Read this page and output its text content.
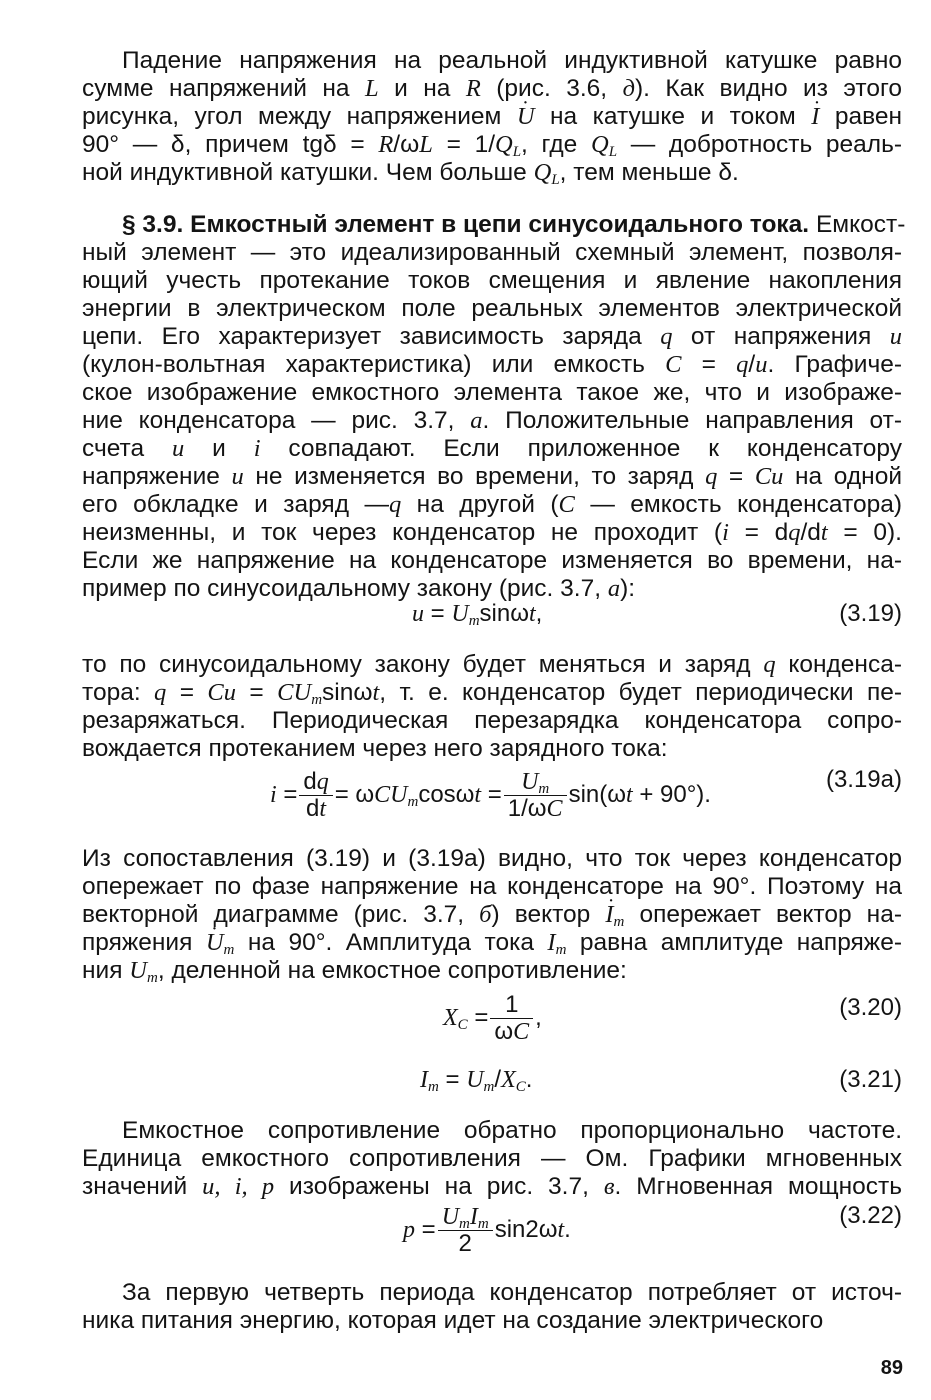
Падение напряжения на реальной индуктивной катушке равно
сумме напряжений на L и на R (рис. 3.6, д). Как видно из этого
рисунка, угол между напряжением U · на катушке и током I · равен
90° — δ, причем $tg\delta = R/\omega L = 1/Q_L$, где $Q_L$ — добротность реаль-
ной индуктивной катушки. Чем больше $Q_L$, тем меньше δ.
§ 3.9. Емкостный элемент в цепи синусоидального тока. Емкост-
ный элемент — это идеализированный схемный элемент, позволя-
ющий учесть протекание токов смещения и явление накопления
энергии в электрическом поле реальных элементов электрической
цепи. Его характеризует зависимость заряда q от напряжения u
(кулон-вольтная характеристика) или емкость C = q/u. Графиче-
ское изображение емкостного элемента такое же, что и изображе-
ние конденсатора — рис. 3.7, а. Положительные направления от-
счета u и i совпадают. Если приложенное к конденсатору
напряжение u не изменяется во времени, то заряд q = Cu на одной
его обкладке и заряд —q на другой (C — емкость конденсатора)
неизменны, и ток через конденсатор не проходит (i = dq/dt = 0).
Если же напряжение на конденсаторе изменяется во времени, на-
пример по синусоидальному закону (рис. 3.7, а):
$u = U_m\sin\omega t$,	(3.19)
то по синусоидальному закону будет меняться и заряд q конденса-
тора: $q = Cu = CU_m\sin\omega t$, т. е. конденсатор будет периодически пе-
резаряжаться. Периодическая перезарядка конденсатора сопро-
вождается протеканием через него зарядного тока:
$i = \frac{dq}{dt} = \omega CU_m\cos\omega t = \frac{U_m}{1/\omega C} \sin(\omega t + 90^\circ)$.
(3.19а)
Из сопоставления (3.19) и (3.19а) видно, что ток через конденсатор
опережает по фазе напряжение на конденсаторе на 90°. Поэтому на
векторной диаграмме (рис. 3.7, б) вектор $I \cdot_m$ опережает вектор на-
пряжения $U \cdot_m$ на 90°. Амплитуда тока $I_m$ равна амплитуде напряже-
ния $U_m$, деленной на емкостное сопротивление:
$X_C = \frac{1}{\omega C}$ ,	(3.20)
$I_m = U_m/X_C$.	(3.21)
Емкостное сопротивление обратно пропорционально частоте.
Единица емкостного сопротивления — Ом. Графики мгновенных
значений u, i, p изображены на рис. 3.7, в. Мгновенная мощность
$p = \frac{U_mI_m}{2} \sin 2\omega t$.
(3.22)
За первую четверть периода конденсатор потребляет от источ-
ника питания энергию, которая идет на создание электрического
89
